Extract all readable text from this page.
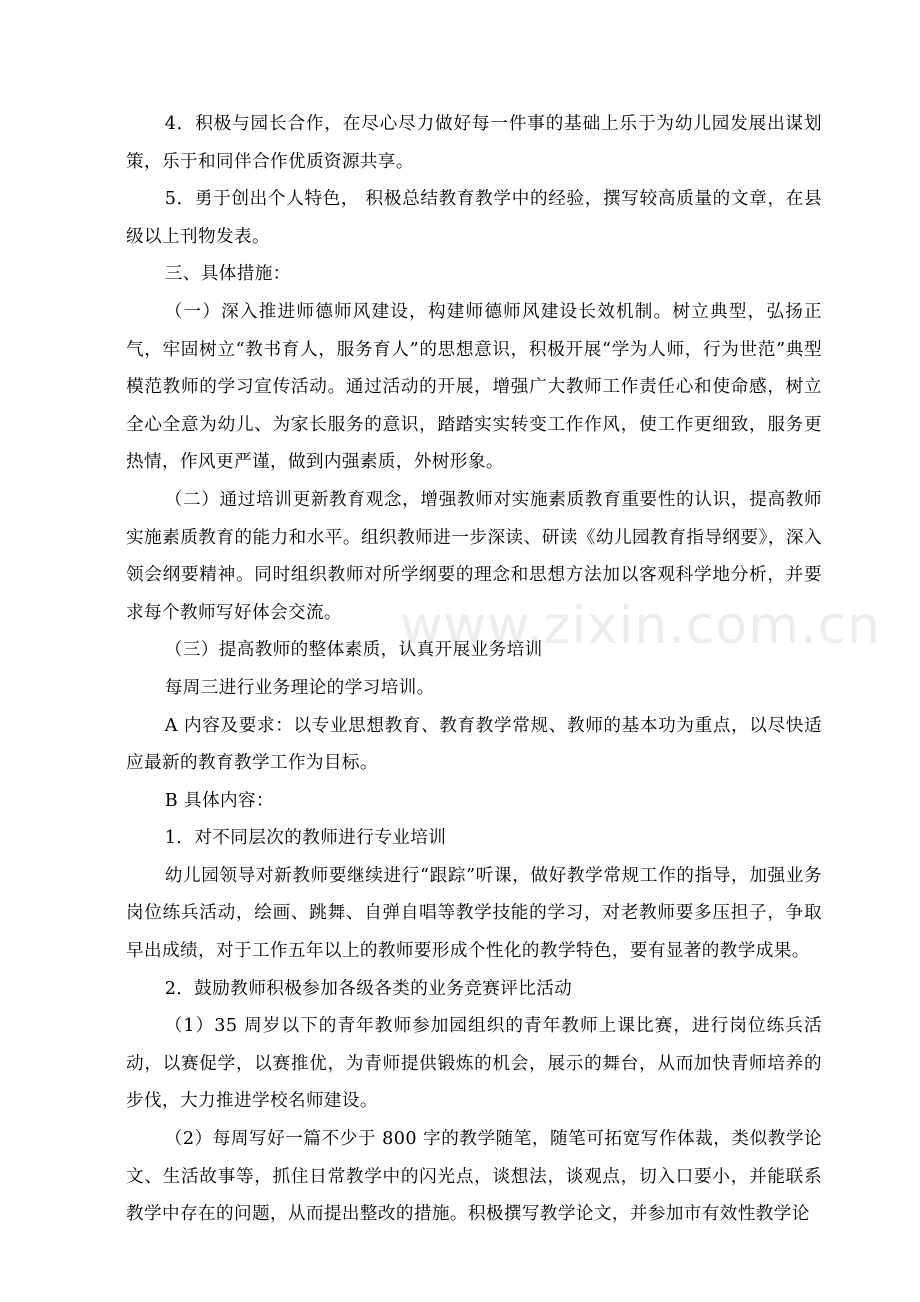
4．积极与园长合作，在尽心尽力做好每一件事的基础上乐于为幼儿园发展出谋划策，乐于和同伴合作优质资源共享。

5．勇于创出个人特色， 积极总结教育教学中的经验，撰写较高质量的文章，在县级以上刊物发表。

三、具体措施：

（一）深入推进师德师风建设，构建师德师风建设长效机制。树立典型，弘扬正气，牢固树立“教书育人，服务育人”的思想意识，积极开展“学为人师，行为世范”典型模范教师的学习宣传活动。通过活动的开展，增强广大教师工作责任心和使命感，树立全心全意为幼儿、为家长服务的意识，踏踏实实转变工作作风，使工作更细致，服务更热情，作风更严谨，做到内强素质，外树形象。

（二）通过培训更新教育观念，增强教师对实施素质教育重要性的认识，提高教师实施素质教育的能力和水平。组织教师进一步深读、研读《幼儿园教育指导纲要》，深入领会纲要精神。同时组织教师对所学纲要的理念和思想方法加以客观科学地分析，并要求每个教师写好体会交流。

（三）提高教师的整体素质，认真开展业务培训

每周三进行业务理论的学习培训。

A 内容及要求：以专业思想教育、教育教学常规、教师的基本功为重点，以尽快适应最新的教育教学工作为目标。

B 具体内容：

1．对不同层次的教师进行专业培训

幼儿园领导对新教师要继续进行“跟踪”听课，做好教学常规工作的指导，加强业务岗位练兵活动，绘画、跳舞、自弹自唱等教学技能的学习，对老教师要多压担子，争取早出成绩，对于工作五年以上的教师要形成个性化的教学特色，要有显著的教学成果。

2．鼓励教师积极参加各级各类的业务竞赛评比活动

（1）35 周岁以下的青年教师参加园组织的青年教师上课比赛，进行岗位练兵活动，以赛促学，以赛推优，为青师提供锻炼的机会，展示的舞台，从而加快青师培养的步伐，大力推进学校名师建设。

（2）每周写好一篇不少于 800 字的教学随笔，随笔可拓宽写作体裁，类似教学论文、生活故事等，抓住日常教学中的闪光点，谈想法，谈观点，切入口要小，并能联系教学中存在的问题，从而提出整改的措施。积极撰写教学论文，并参加市有效性教学论

www.zixin.com.cn
